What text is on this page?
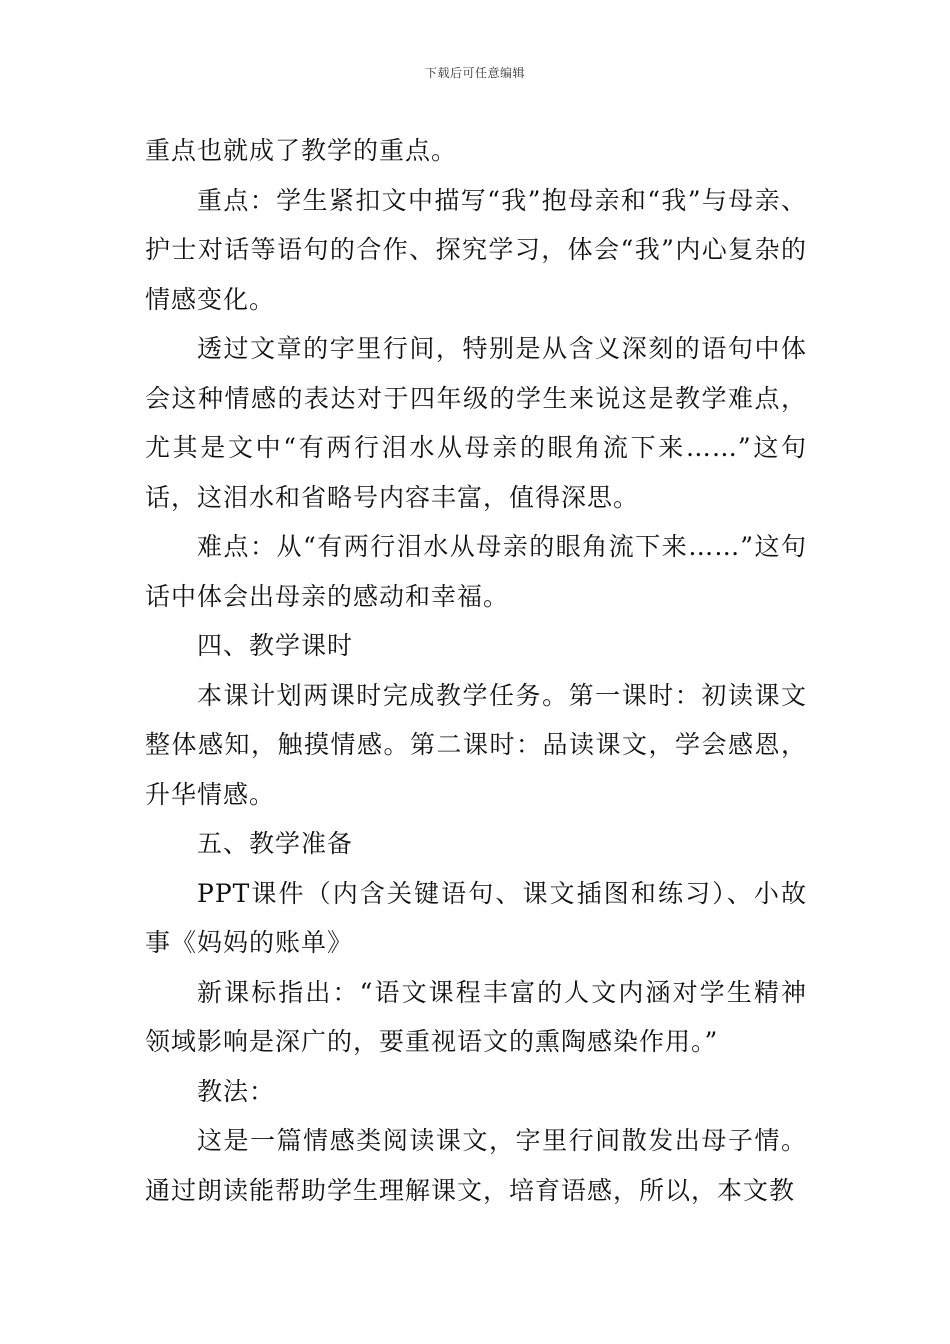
下载后可任意编辑

重点也就成了教学的重点。

重点：学生紧扣文中描写“我”抱母亲和“我”与母亲、护士对话等语句的合作、探究学习，体会“我”内心复杂的情感变化。

透过文章的字里行间，特别是从含义深刻的语句中体会这种情感的表达对于四年级的学生来说这是教学难点，尤其是文中“有两行泪水从母亲的眼角流下来……”这句话，这泪水和省略号内容丰富，值得深思。

难点：从“有两行泪水从母亲的眼角流下来……”这句话中体会出母亲的感动和幸福。

四、教学课时

本课计划两课时完成教学任务。第一课时：初读课文整体感知，触摸情感。第二课时：品读课文，学会感恩，升华情感。

五、教学准备

PPT课件（内含关键语句、课文插图和练习）、小故事《妈妈的账单》

新课标指出：“语文课程丰富的人文内涵对学生精神领域影响是深广的，要重视语文的熏陶感染作用。”

教法：

这是一篇情感类阅读课文，字里行间散发出母子情。通过朗读能帮助学生理解课文，培育语感，所以，本文教
